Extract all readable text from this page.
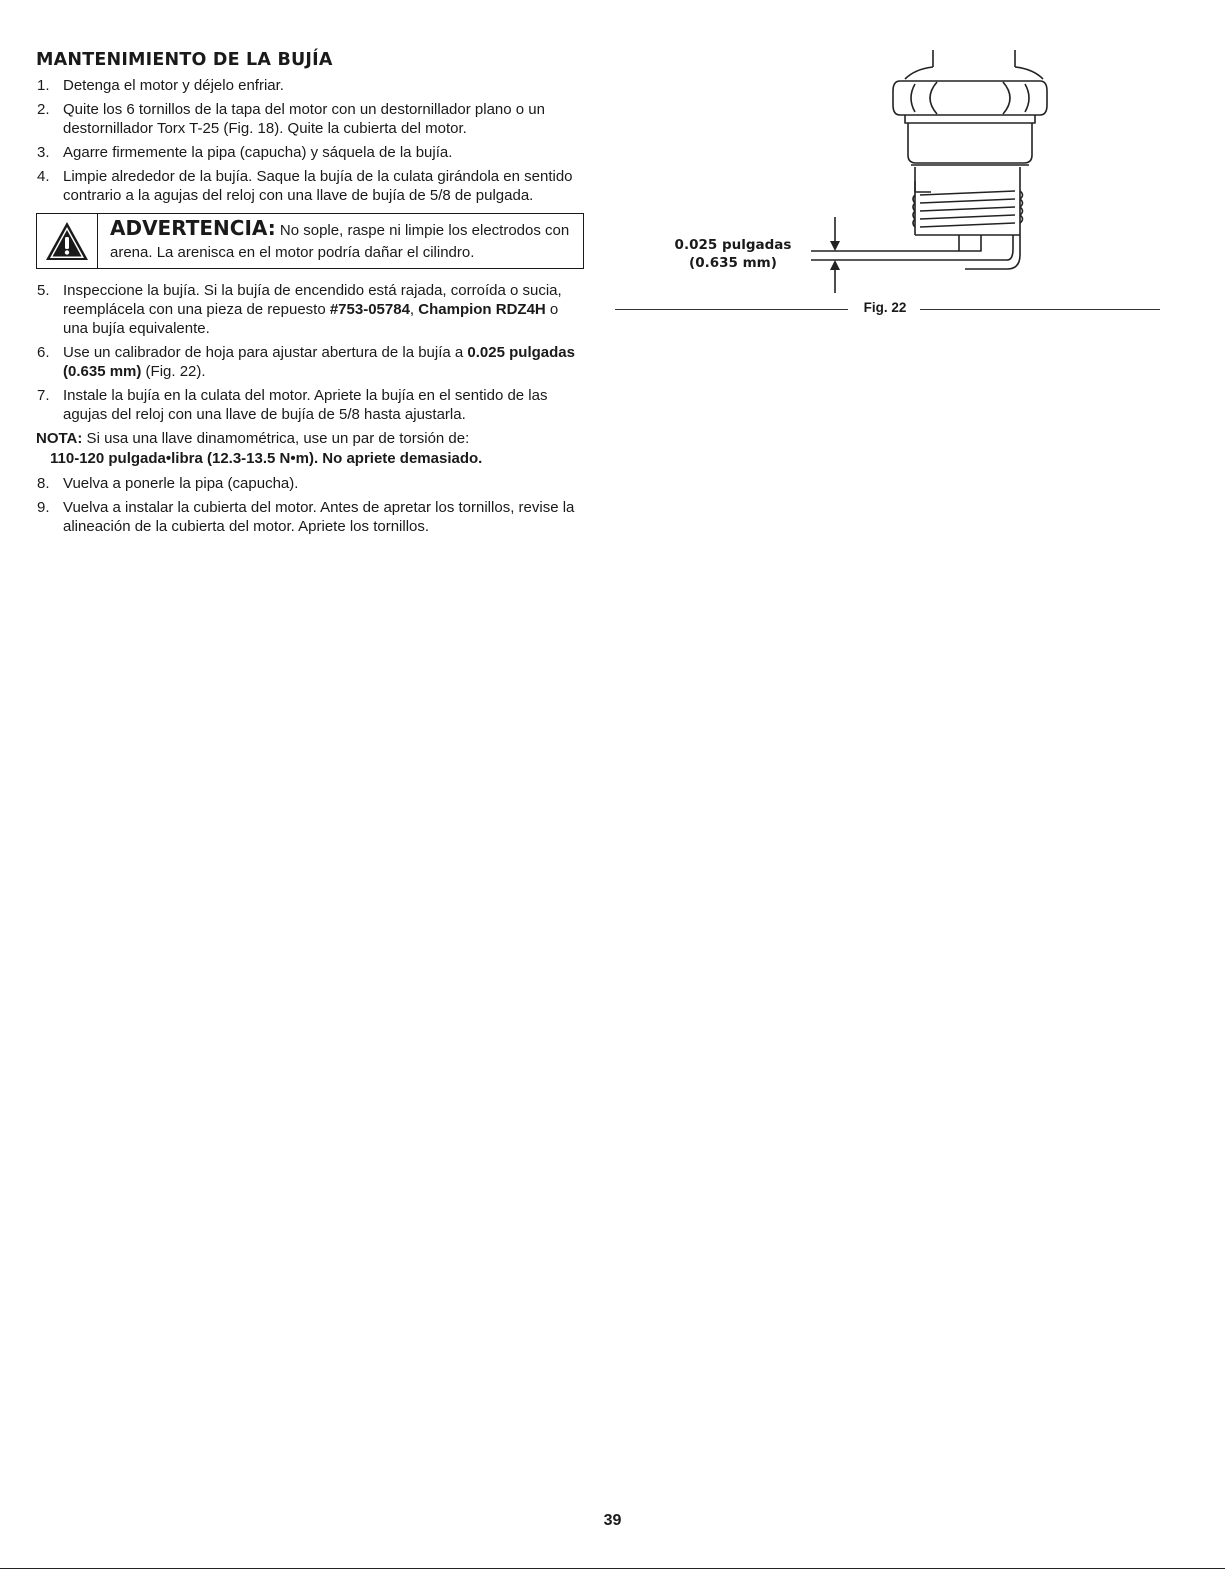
MANTENIMIENTO DE LA BUJÍA
1. Detenga el motor y déjelo enfriar.
2. Quite los 6 tornillos de la tapa del motor con un destornillador plano o un destornillador Torx T-25 (Fig. 18). Quite la cubierta del motor.
3. Agarre firmemente la pipa (capucha) y sáquela de la bujía.
4. Limpie alrededor de la bujía. Saque la bujía de la culata girándola en sentido contrario a la agujas del reloj con una llave de bujía de 5/8 de pulgada.
ADVERTENCIA: No sople, raspe ni limpie los electrodos con arena. La arenisca en el motor podría dañar el cilindro.
5. Inspeccione la bujía. Si la bujía de encendido está rajada, corroída o sucia, reemplácela con una pieza de repuesto #753-05784, Champion RDZ4H o una bujía equivalente.
6. Use un calibrador de hoja para ajustar abertura de la bujía a 0.025 pulgadas (0.635 mm) (Fig. 22).
7. Instale la bujía en la culata del motor. Apriete la bujía en el sentido de las agujas del reloj con una llave de bujía de 5/8 hasta ajustarla.

NOTA: Si usa una llave dinamométrica, use un par de torsión de:

110-120 pulgada•libra (12.3-13.5 N•m). No apriete demasiado.

8. Vuelva a ponerle la pipa (capucha).
9. Vuelva a instalar la cubierta del motor. Antes de apretar los tornillos, revise la alineación de la cubierta del motor. Apriete los tornillos.
0.025 pulgadas
(0.635 mm)
Fig. 22
39
